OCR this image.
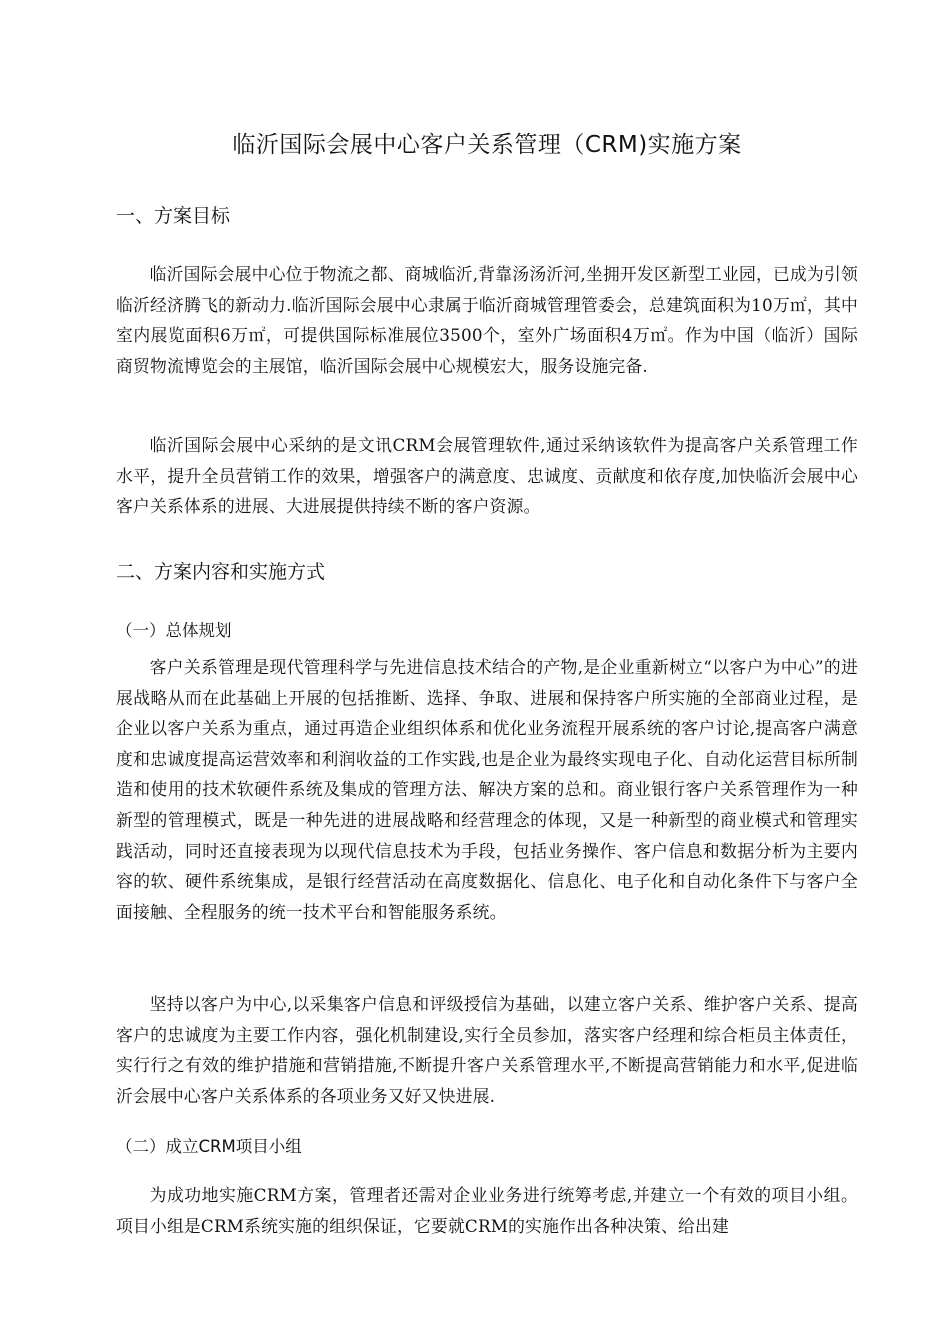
临沂国际会展中心客户关系管理（CRM)实施方案
一、方案目标

临沂国际会展中心位于物流之都、商城临沂,背靠汤汤沂河,坐拥开发区新型工业园，已成为引领临沂经济腾飞的新动力.临沂国际会展中心隶属于临沂商城管理管委会，总建筑面积为10万㎡，其中室内展览面积6万㎡，可提供国际标准展位3500个，室外广场面积4万㎡。作为中国（临沂）国际商贸物流博览会的主展馆，临沂国际会展中心规模宏大，服务设施完备.

临沂国际会展中心采纳的是文讯CRM会展管理软件,通过采纳该软件为提高客户关系管理工作水平，提升全员营销工作的效果，增强客户的满意度、忠诚度、贡献度和依存度,加快临沂会展中心客户关系体系的进展、大进展提供持续不断的客户资源。

二、方案内容和实施方式
（一）总体规划

客户关系管理是现代管理科学与先进信息技术结合的产物,是企业重新树立“以客户为中心”的进展战略从而在此基础上开展的包括推断、选择、争取、进展和保持客户所实施的全部商业过程，是企业以客户关系为重点，通过再造企业组织体系和优化业务流程开展系统的客户讨论,提高客户满意度和忠诚度提高运营效率和利润收益的工作实践,也是企业为最终实现电子化、自动化运营目标所制造和使用的技术软硬件系统及集成的管理方法、解决方案的总和。商业银行客户关系管理作为一种新型的管理模式，既是一种先进的进展战略和经营理念的体现，又是一种新型的商业模式和管理实践活动，同时还直接表现为以现代信息技术为手段，包括业务操作、客户信息和数据分析为主要内容的软、硬件系统集成，是银行经营活动在高度数据化、信息化、电子化和自动化条件下与客户全面接触、全程服务的统一技术平台和智能服务系统。

坚持以客户为中心,以采集客户信息和评级授信为基础，以建立客户关系、维护客户关系、提高客户的忠诚度为主要工作内容，强化机制建设,实行全员参加，落实客户经理和综合柜员主体责任，实行行之有效的维护措施和营销措施,不断提升客户关系管理水平,不断提高营销能力和水平,促进临沂会展中心客户关系体系的各项业务又好又快进展.

（二）成立CRM项目小组

为成功地实施CRM方案，管理者还需对企业业务进行统筹考虑,并建立一个有效的项目小组。项目小组是CRM系统实施的组织保证，它要就CRM的实施作出各种决策、给出建
